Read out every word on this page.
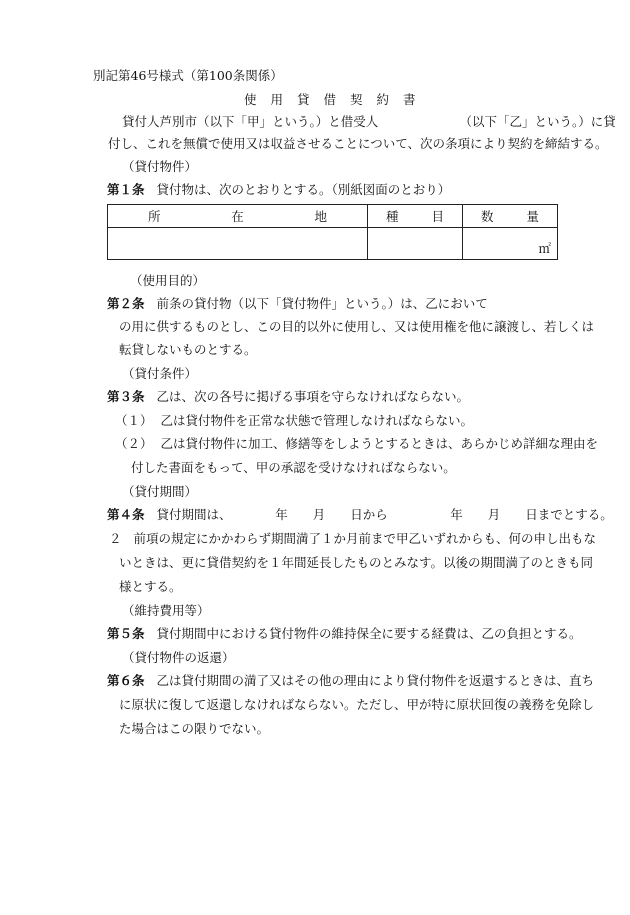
別記第46号様式（第100条関係）
使用貸借契約書
貸付人芦別市（以下「甲」という。）と借受人　　　　　　　（以下「乙」という。）に貸
付し、これを無償で使用又は収益させることについて、次の条項により契約を締結する。
（貸付物件）
第１条 貸付物は、次のとおりとする。（別紙図面のとおり）
所 在 地	種 目	数 量

		㎡
（使用目的）
第２条 前条の貸付物（以下「貸付物件」という。）は、乙において
の用に供するものとし、この目的以外に使用し、又は使用権を他に譲渡し、若しくは
転貸しないものとする。
（貸付条件）
第３条 乙は、次の各号に掲げる事項を守らなければならない。
（１） 乙は貸付物件を正常な状態で管理しなければならない。
（２） 乙は貸付物件に加工、修繕等をしようとするときは、あらかじめ詳細な理由を
付した書面をもって、甲の承認を受けなければならない。
（貸付期間）
第４条 貸付期間は、　　　　年　　月　　日から　　　　　年　　月　　日までとする。
２ 前項の規定にかかわらず期間満了１か月前まで甲乙いずれからも、何の申し出もな
いときは、更に貸借契約を１年間延長したものとみなす。以後の期間満了のときも同
様とする。
（維持費用等）
第５条 貸付期間中における貸付物件の維持保全に要する経費は、乙の負担とする。
（貸付物件の返還）
第６条 乙は貸付期間の満了又はその他の理由により貸付物件を返還するときは、直ち
に原状に復して返還しなければならない。ただし、甲が特に原状回復の義務を免除し
た場合はこの限りでない。
